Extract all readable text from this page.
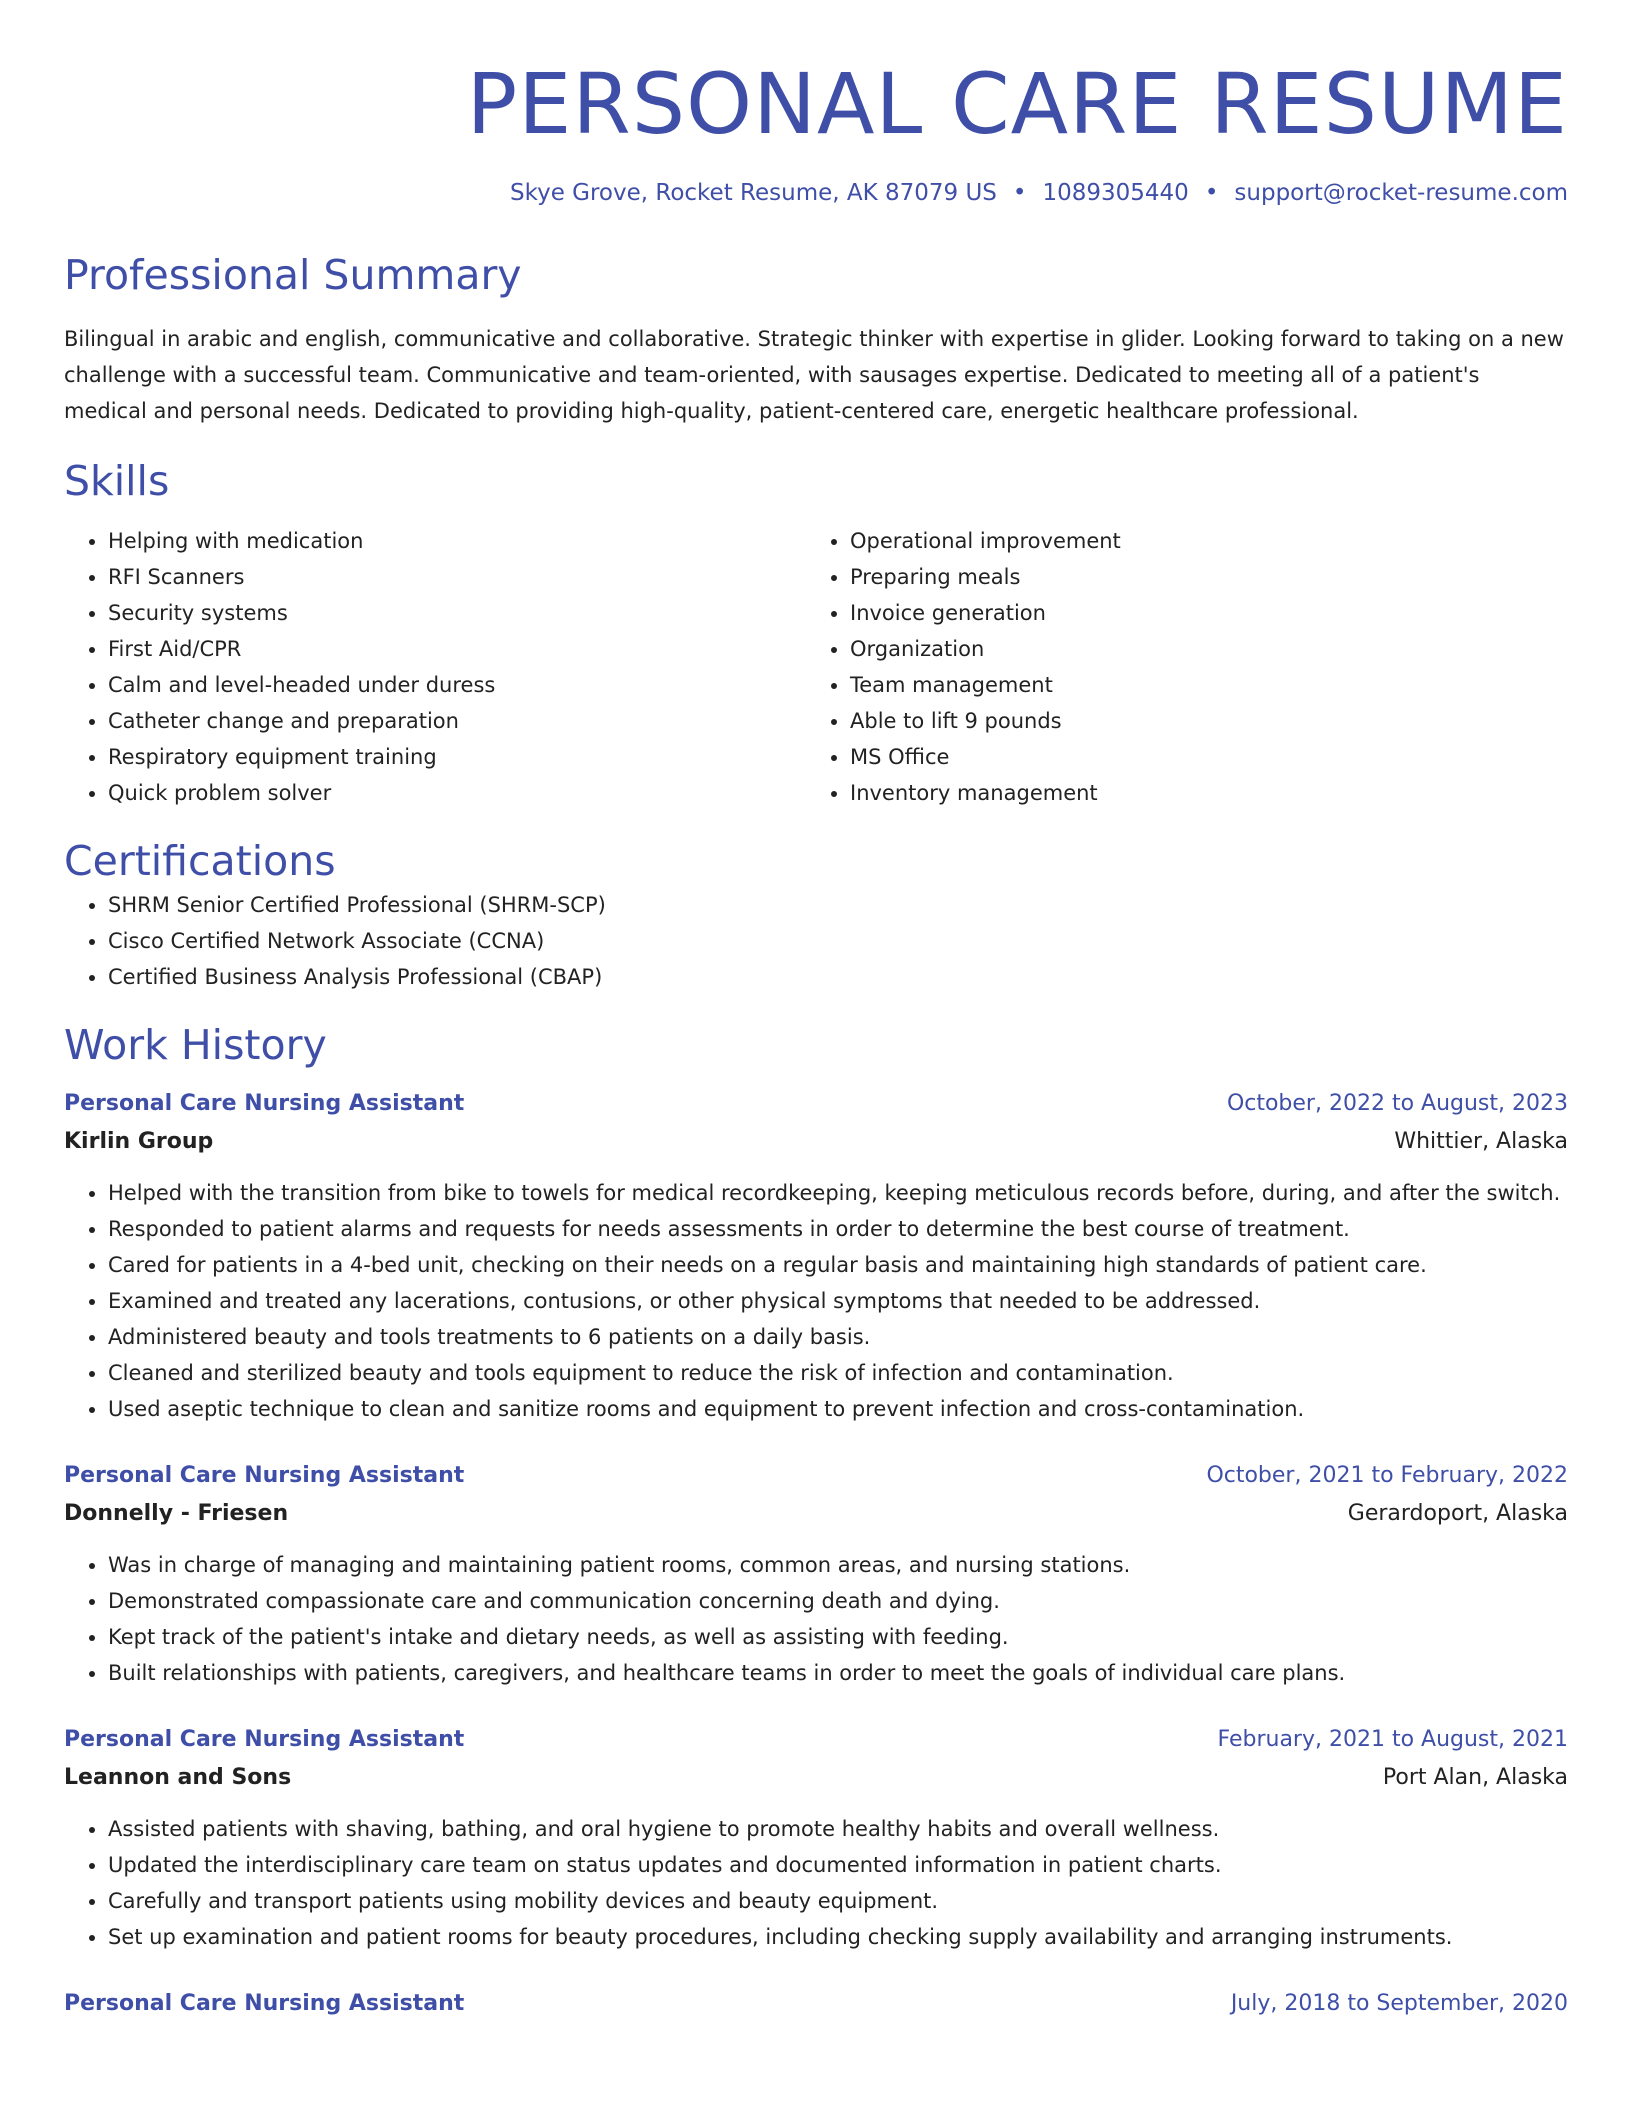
PERSONAL CARE RESUME
Skye Grove, Rocket Resume, AK 87079 US • 1089305440 • support@rocket-resume.com
Professional Summary

Bilingual in arabic and english, communicative and collaborative. Strategic thinker with expertise in glider. Looking forward to taking on a new challenge with a successful team. Communicative and team-oriented, with sausages expertise. Dedicated to meeting all of a patient's medical and personal needs. Dedicated to providing high-quality, patient-centered care, energetic healthcare professional.

Skills
• Helping with medication
• RFI Scanners
• Security systems
• First Aid/CPR
• Calm and level-headed under duress
• Catheter change and preparation
• Respiratory equipment training
• Quick problem solver
• Operational improvement
• Preparing meals
• Invoice generation
• Organization
• Team management
• Able to lift 9 pounds
• MS Office
• Inventory management
Certifications
• SHRM Senior Certified Professional (SHRM-SCP)
• Cisco Certified Network Associate (CCNA)
• Certified Business Analysis Professional (CBAP)
Work History
Personal Care Nursing Assistant	October, 2022 to August, 2023
Kirlin Group	Whittier, Alaska
• Helped with the transition from bike to towels for medical recordkeeping, keeping meticulous records before, during, and after the switch.
• Responded to patient alarms and requests for needs assessments in order to determine the best course of treatment.
• Cared for patients in a 4-bed unit, checking on their needs on a regular basis and maintaining high standards of patient care.
• Examined and treated any lacerations, contusions, or other physical symptoms that needed to be addressed.
• Administered beauty and tools treatments to 6 patients on a daily basis.
• Cleaned and sterilized beauty and tools equipment to reduce the risk of infection and contamination.
• Used aseptic technique to clean and sanitize rooms and equipment to prevent infection and cross-contamination.
Personal Care Nursing Assistant	October, 2021 to February, 2022
Donnelly - Friesen	Gerardoport, Alaska
• Was in charge of managing and maintaining patient rooms, common areas, and nursing stations.
• Demonstrated compassionate care and communication concerning death and dying.
• Kept track of the patient's intake and dietary needs, as well as assisting with feeding.
• Built relationships with patients, caregivers, and healthcare teams in order to meet the goals of individual care plans.
Personal Care Nursing Assistant	February, 2021 to August, 2021
Leannon and Sons	Port Alan, Alaska
• Assisted patients with shaving, bathing, and oral hygiene to promote healthy habits and overall wellness.
• Updated the interdisciplinary care team on status updates and documented information in patient charts.
• Carefully and transport patients using mobility devices and beauty equipment.
• Set up examination and patient rooms for beauty procedures, including checking supply availability and arranging instruments.
Personal Care Nursing Assistant	July, 2018 to September, 2020
